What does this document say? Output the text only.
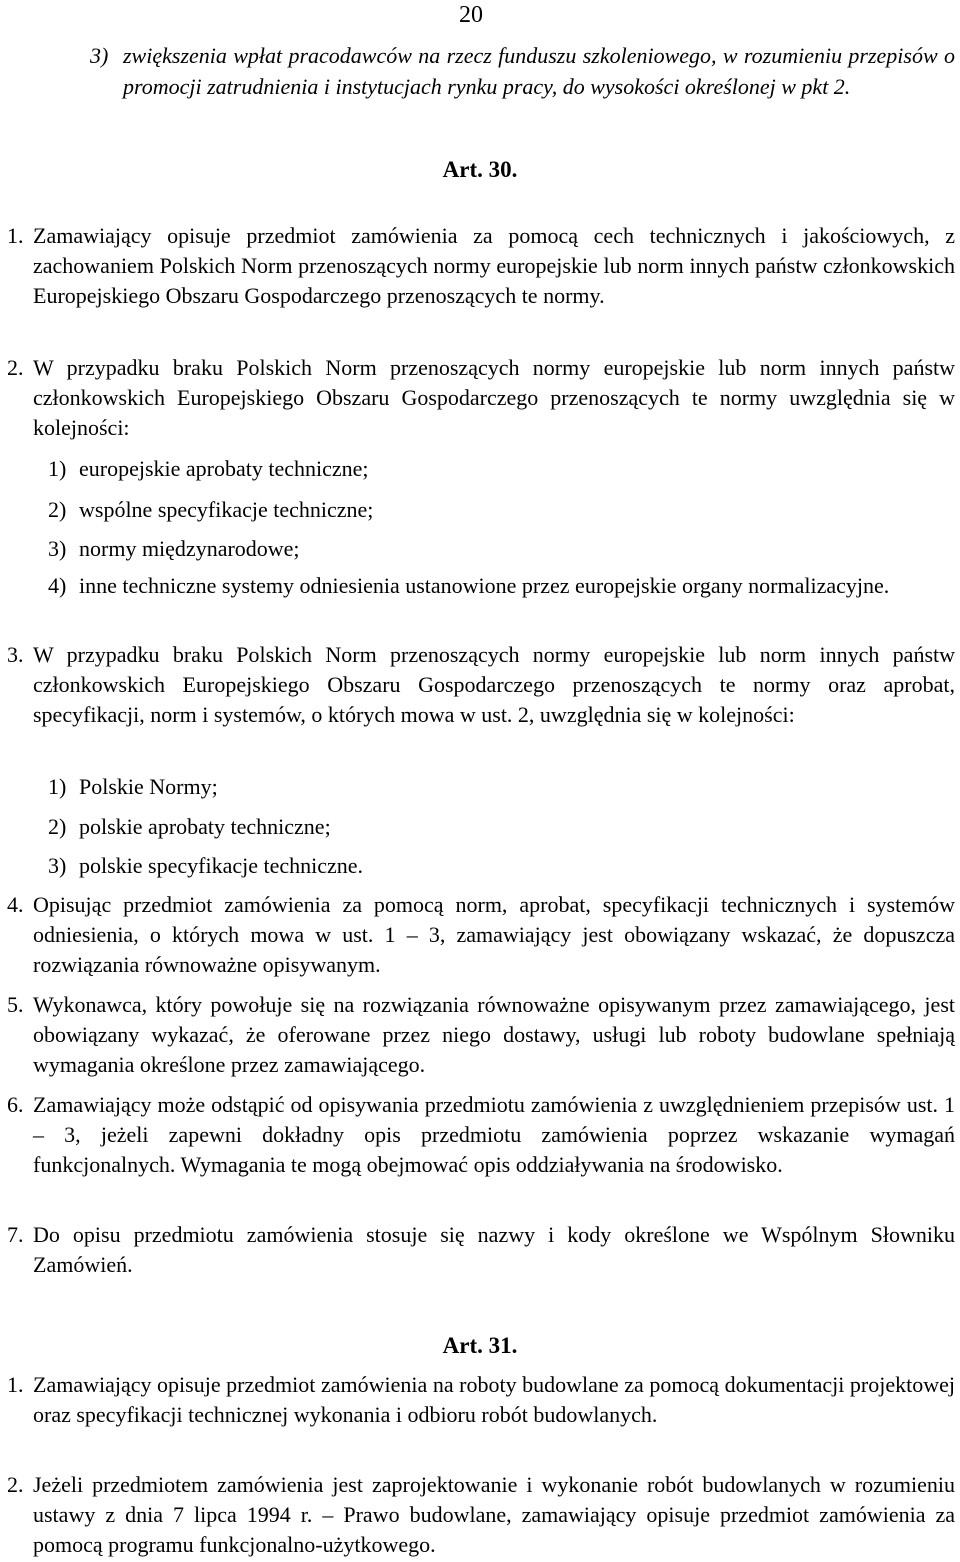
20
3) zwiększenia wpłat pracodawców na rzecz funduszu szkoleniowego, w rozumieniu przepisów o promocji zatrudnienia i instytucjach rynku pracy, do wysokości określonej w pkt 2.
Art. 30.
1. Zamawiający opisuje przedmiot zamówienia za pomocą cech technicznych i jakościowych, z zachowaniem Polskich Norm przenoszących normy europejskie lub norm innych państw członkowskich Europejskiego Obszaru Gospodarczego przenoszących te normy.
2. W przypadku braku Polskich Norm przenoszących normy europejskie lub norm innych państw członkowskich Europejskiego Obszaru Gospodarczego przenoszących te normy uwzględnia się w kolejności:
1) europejskie aprobaty techniczne;
2) wspólne specyfikacje techniczne;
3) normy międzynarodowe;
4) inne techniczne systemy odniesienia ustanowione przez europejskie organy normalizacyjne.
3. W przypadku braku Polskich Norm przenoszących normy europejskie lub norm innych państw członkowskich Europejskiego Obszaru Gospodarczego przenoszących te normy oraz aprobat, specyfikacji, norm i systemów, o których mowa w ust. 2, uwzględnia się w kolejności:
1) Polskie Normy;
2) polskie aprobaty techniczne;
3) polskie specyfikacje techniczne.
4. Opisując przedmiot zamówienia za pomocą norm, aprobat, specyfikacji technicznych i systemów odniesienia, o których mowa w ust. 1 – 3, zamawiający jest obowiązany wskazać, że dopuszcza rozwiązania równoważne opisywanym.
5. Wykonawca, który powołuje się na rozwiązania równoważne opisywanym przez zamawiającego, jest obowiązany wykazać, że oferowane przez niego dostawy, usługi lub roboty budowlane spełniają wymagania określone przez zamawiającego.
6. Zamawiający może odstąpić od opisywania przedmiotu zamówienia z uwzględnieniem przepisów ust. 1 – 3, jeżeli zapewni dokładny opis przedmiotu zamówienia poprzez wskazanie wymagań funkcjonalnych. Wymagania te mogą obejmować opis oddziaływania na środowisko.
7. Do opisu przedmiotu zamówienia stosuje się nazwy i kody określone we Wspólnym Słowniku Zamówień.
Art. 31.
1. Zamawiający opisuje przedmiot zamówienia na roboty budowlane za pomocą dokumentacji projektowej oraz specyfikacji technicznej wykonania i odbioru robót budowlanych.
2. Jeżeli przedmiotem zamówienia jest zaprojektowanie i wykonanie robót budowlanych w rozumieniu ustawy z dnia 7 lipca 1994 r. – Prawo budowlane, zamawiający opisuje przedmiot zamówienia za pomocą programu funkcjonalno-użytkowego.
